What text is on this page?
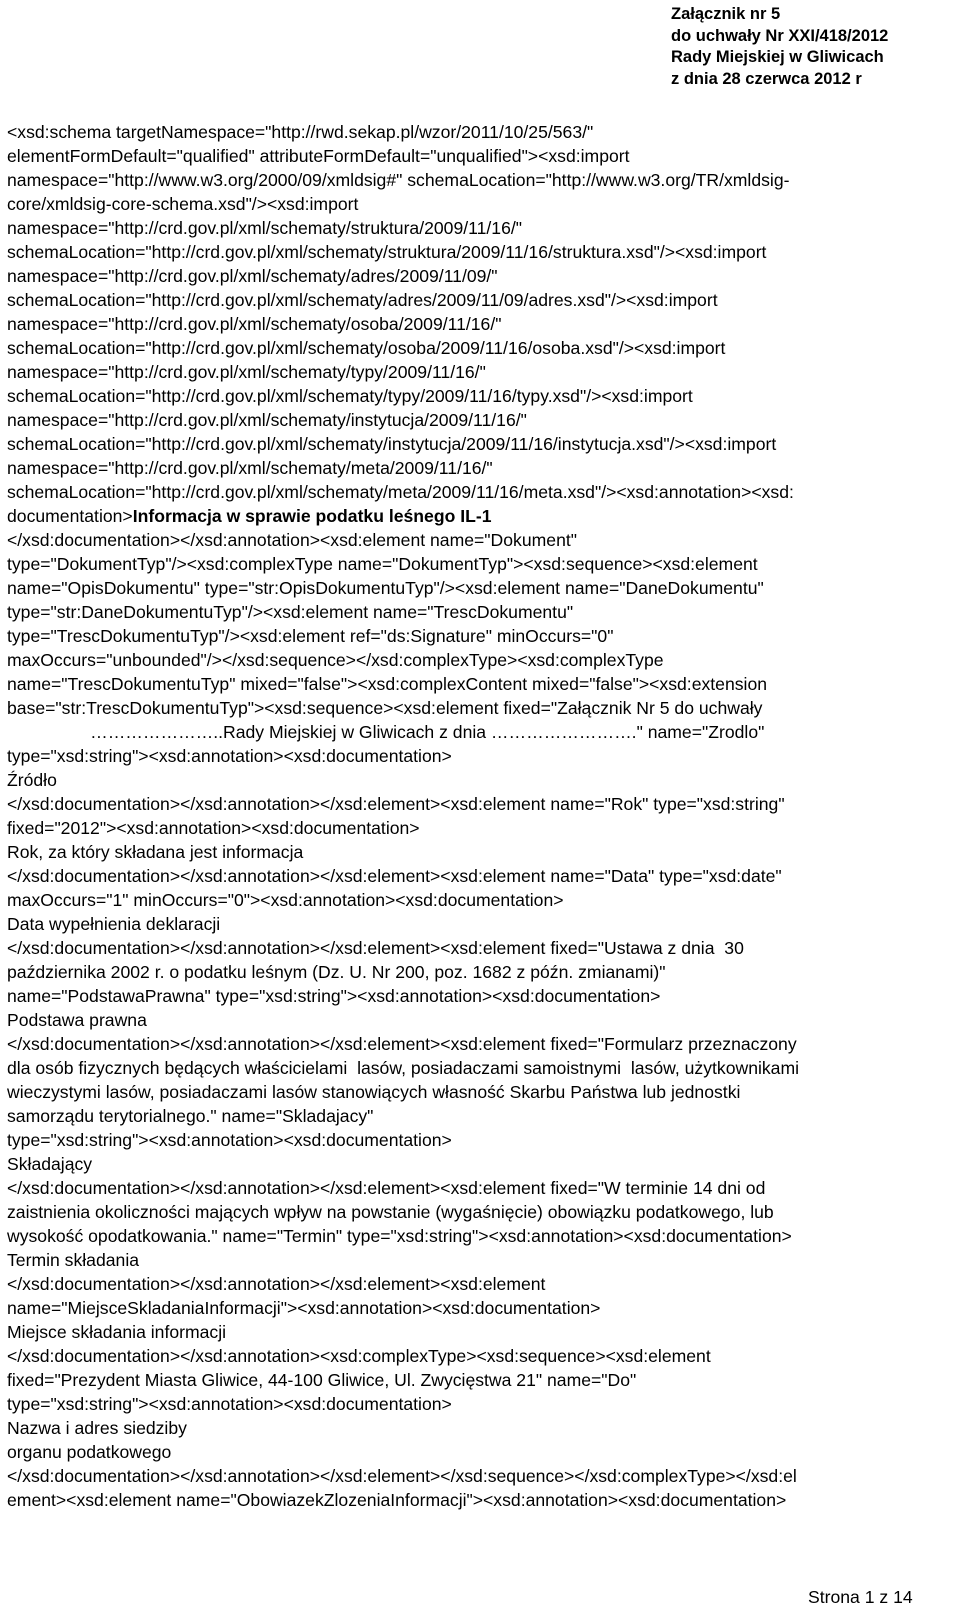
Załącznik nr 5
do uchwały Nr XXI/418/2012
Rady Miejskiej w Gliwicach
z dnia 28 czerwca 2012 r
<xsd:schema targetNamespace="http://rwd.sekap.pl/wzor/2011/10/25/563/"
elementFormDefault="qualified" attributeFormDefault="unqualified"><xsd:import
namespace="http://www.w3.org/2000/09/xmldsig#" schemaLocation="http://www.w3.org/TR/xmldsig-
core/xmldsig-core-schema.xsd"/><xsd:import
namespace="http://crd.gov.pl/xml/schematy/struktura/2009/11/16/"
schemaLocation="http://crd.gov.pl/xml/schematy/struktura/2009/11/16/struktura.xsd"/><xsd:import
namespace="http://crd.gov.pl/xml/schematy/adres/2009/11/09/"
schemaLocation="http://crd.gov.pl/xml/schematy/adres/2009/11/09/adres.xsd"/><xsd:import
namespace="http://crd.gov.pl/xml/schematy/osoba/2009/11/16/"
schemaLocation="http://crd.gov.pl/xml/schematy/osoba/2009/11/16/osoba.xsd"/><xsd:import
namespace="http://crd.gov.pl/xml/schematy/typy/2009/11/16/"
schemaLocation="http://crd.gov.pl/xml/schematy/typy/2009/11/16/typy.xsd"/><xsd:import
namespace="http://crd.gov.pl/xml/schematy/instytucja/2009/11/16/"
schemaLocation="http://crd.gov.pl/xml/schematy/instytucja/2009/11/16/instytucja.xsd"/><xsd:import
namespace="http://crd.gov.pl/xml/schematy/meta/2009/11/16/"
schemaLocation="http://crd.gov.pl/xml/schematy/meta/2009/11/16/meta.xsd"/><xsd:annotation><xsd:
documentation>Informacja w sprawie podatku leśnego IL-1
</xsd:documentation></xsd:annotation><xsd:element name="Dokument"
type="DokumentTyp"/><xsd:complexType name="DokumentTyp"><xsd:sequence><xsd:element
name="OpisDokumentu" type="str:OpisDokumentuTyp"/><xsd:element name="DaneDokumentu"
type="str:DaneDokumentuTyp"/><xsd:element name="TrescDokumentu"
type="TrescDokumentuTyp"/><xsd:element ref="ds:Signature" minOccurs="0"
maxOccurs="unbounded"/></xsd:sequence></xsd:complexType><xsd:complexType
name="TrescDokumentuTyp" mixed="false"><xsd:complexContent mixed="false"><xsd:extension
base="str:TrescDokumentuTyp"><xsd:sequence><xsd:element fixed="Załącznik Nr 5 do uchwały
…………………..Rady Miejskiej w Gliwicach z dnia ……………………." name="Zrodlo"
type="xsd:string"><xsd:annotation><xsd:documentation>
Źródło
</xsd:documentation></xsd:annotation></xsd:element><xsd:element name="Rok" type="xsd:string"
fixed="2012"><xsd:annotation><xsd:documentation>
Rok, za który składana jest informacja
</xsd:documentation></xsd:annotation></xsd:element><xsd:element name="Data" type="xsd:date"
maxOccurs="1" minOccurs="0"><xsd:annotation><xsd:documentation>
Data wypełnienia deklaracji
</xsd:documentation></xsd:annotation></xsd:element><xsd:element fixed="Ustawa z dnia  30
października 2002 r. o podatku leśnym (Dz. U. Nr 200, poz. 1682 z późn. zmianami)"
name="PodstawaPrawna" type="xsd:string"><xsd:annotation><xsd:documentation>
Podstawa prawna
</xsd:documentation></xsd:annotation></xsd:element><xsd:element fixed="Formularz przeznaczony
dla osób fizycznych będących właścicielami  lasów, posiadaczami samoistnymi  lasów, użytkownikami
wieczystymi lasów, posiadaczami lasów stanowiących własność Skarbu Państwa lub jednostki
samorządu terytorialnego." name="Skladajacy"
type="xsd:string"><xsd:annotation><xsd:documentation>
Składający
</xsd:documentation></xsd:annotation></xsd:element><xsd:element fixed="W terminie 14 dni od
zaistnienia okoliczności mających wpływ na powstanie (wygaśnięcie) obowiązku podatkowego, lub
wysokość opodatkowania." name="Termin" type="xsd:string"><xsd:annotation><xsd:documentation>
Termin składania
</xsd:documentation></xsd:annotation></xsd:element><xsd:element
name="MiejsceSkladaniaInformacji"><xsd:annotation><xsd:documentation>
Miejsce składania informacji
</xsd:documentation></xsd:annotation><xsd:complexType><xsd:sequence><xsd:element
fixed="Prezydent Miasta Gliwice, 44-100 Gliwice, Ul. Zwycięstwa 21" name="Do"
type="xsd:string"><xsd:annotation><xsd:documentation>
Nazwa i adres siedziby
organu podatkowego
</xsd:documentation></xsd:annotation></xsd:element></xsd:sequence></xsd:complexType></xsd:el
ement><xsd:element name="ObowiazekZlozeniaInformacji"><xsd:annotation><xsd:documentation>
Strona 1 z 14
